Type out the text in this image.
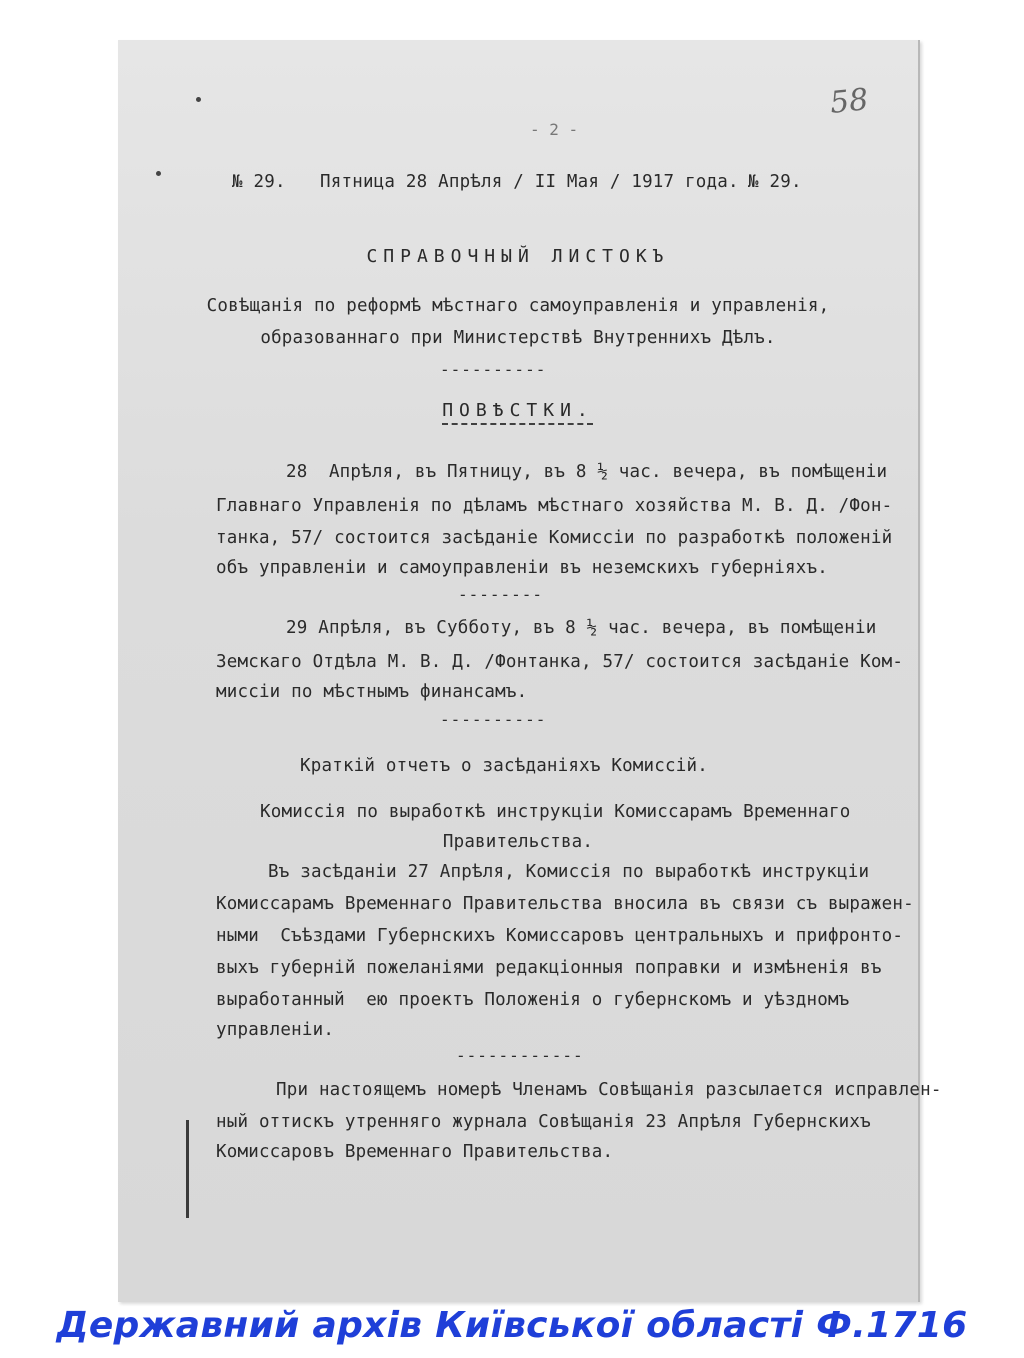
58
- 2 -
№ 29. Пятница 28 Апрѣля / II Мая / 1917 года. № 29.
СПРАВОЧНЫЙ ЛИСТОКЪ
Совѣщанія по реформѣ мѣстнаго самоуправленія и управленія,
образованнаго при Министерствѣ Внутреннихъ Дѣлъ.
----------
ПОВѢСТКИ.
28  Апрѣля, въ Пятницу, въ 8 ½ час. вечера, въ помѣщеніи
Главнаго Управленія по дѣламъ мѣстнаго хозяйства М. В. Д. /Фон-
танка, 57/ состоится засѣданіе Комиссіи по разработкѣ положеній
объ управленіи и самоуправленіи въ неземскихъ губерніяхъ.
--------
29 Апрѣля, въ Субботу, въ 8 ½ час. вечера, въ помѣщеніи
Земскаго Отдѣла М. В. Д. /Фонтанка, 57/ состоится засѣданіе Ком-
миссіи по мѣстнымъ финансамъ.
----------
Краткій отчетъ о засѣданіяхъ Комиссій.
Комиссія по выработкѣ инструкціи Комиссарамъ Временнаго
Правительства.
Въ засѣданіи 27 Апрѣля, Комиссія по выработкѣ инструкціи
Комиссарамъ Временнаго Правительства вносила въ связи съ выражен-
ными  Съѣздами Губернскихъ Комиссаровъ центральныхъ и прифронто-
выхъ губерній пожеланіями редакціонныя поправки и измѣненія въ
выработанный  ею проектъ Положенія о губернскомъ и уѣздномъ
управленіи.
------------
При настоящемъ номерѣ Членамъ Совѣщанія разсылается исправлен-
ный оттискъ утренняго журнала Совѣщанія 23 Апрѣля Губернскихъ
Комиссаровъ Временнаго Правительства.
Державний архів Київської області Ф.1716
